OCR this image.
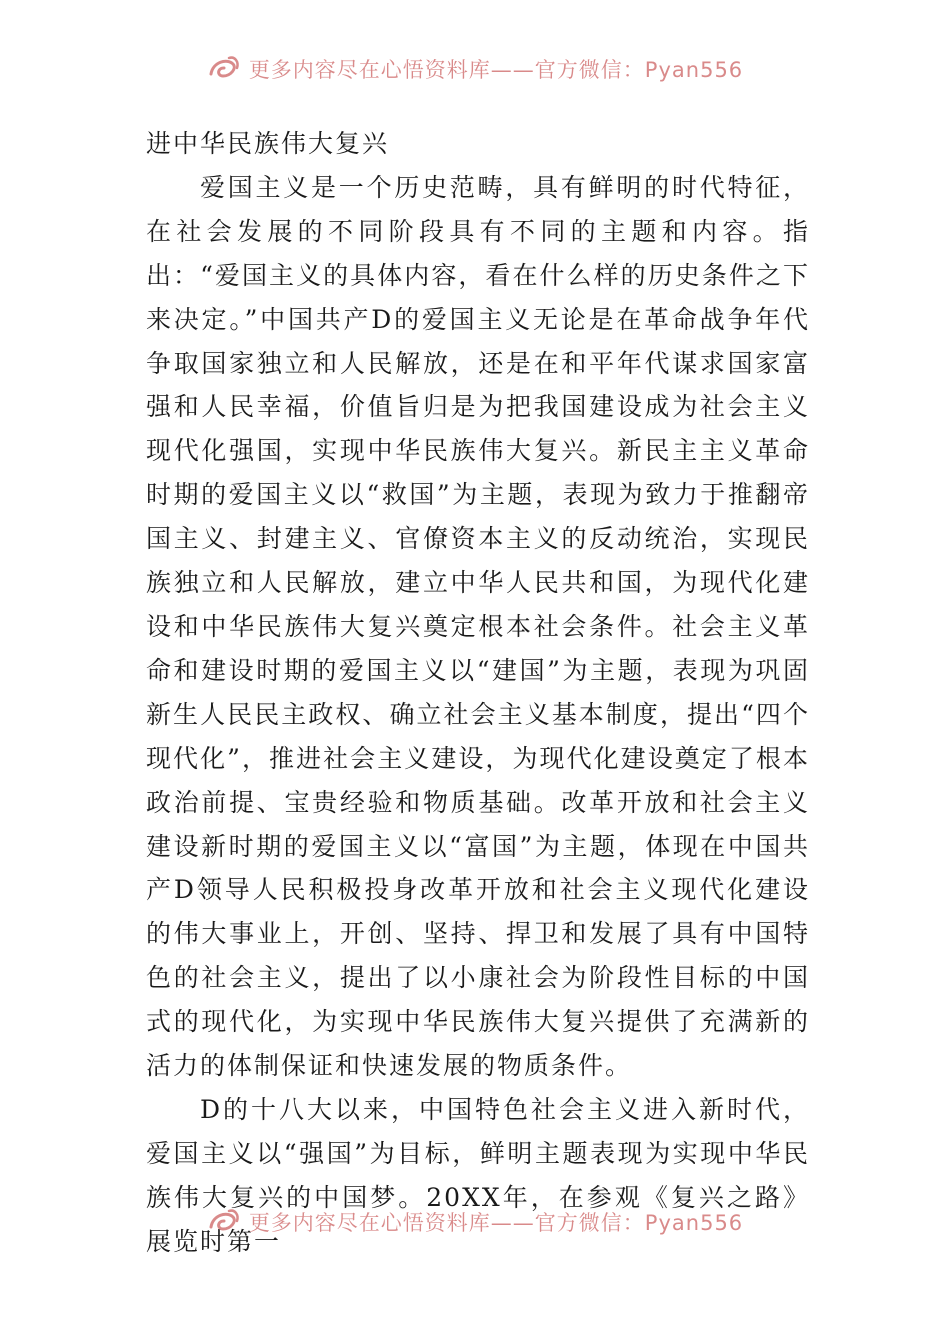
更多内容尽在心悟资料库——官方微信：Pyan556

进中华民族伟大复兴

爱国主义是一个历史范畴，具有鲜明的时代特征，在社会发展的不同阶段具有不同的主题和内容。指出：“爱国主义的具体内容，看在什么样的历史条件之下来决定。”中国共产D的爱国主义无论是在革命战争年代争取国家独立和人民解放，还是在和平年代谋求国家富强和人民幸福，价值旨归是为把我国建设成为社会主义现代化强国，实现中华民族伟大复兴。新民主主义革命时期的爱国主义以“救国”为主题，表现为致力于推翻帝国主义、封建主义、官僚资本主义的反动统治，实现民族独立和人民解放，建立中华人民共和国，为现代化建设和中华民族伟大复兴奠定根本社会条件。社会主义革命和建设时期的爱国主义以“建国”为主题，表现为巩固新生人民民主政权、确立社会主义基本制度，提出“四个现代化”，推进社会主义建设，为现代化建设奠定了根本政治前提、宝贵经验和物质基础。改革开放和社会主义建设新时期的爱国主义以“富国”为主题，体现在中国共产D领导人民积极投身改革开放和社会主义现代化建设的伟大事业上，开创、坚持、捍卫和发展了具有中国特色的社会主义，提出了以小康社会为阶段性目标的中国式的现代化，为实现中华民族伟大复兴提供了充满新的活力的体制保证和快速发展的物质条件。

D的十八大以来，中国特色社会主义进入新时代，爱国主义以“强国”为目标，鲜明主题表现为实现中华民族伟大复兴的中国梦。20XX年，在参观《复兴之路》展览时第一

更多内容尽在心悟资料库——官方微信：Pyan556
